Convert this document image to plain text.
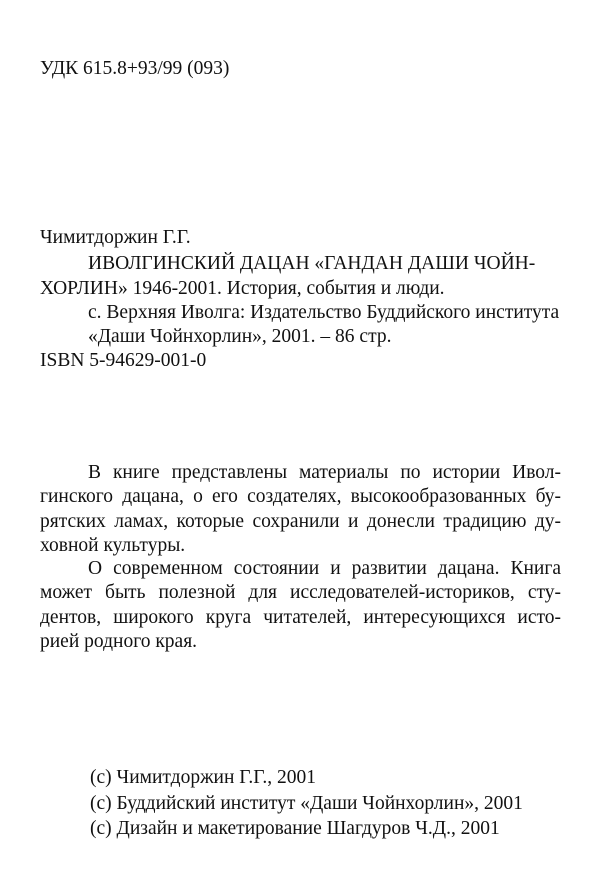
УДК 615.8+93/99 (093)
Чимитдоржин Г.Г.
ИВОЛГИНСКИЙ ДАЦАН «ГАНДАН ДАШИ ЧОЙН-
ХОРЛИН» 1946-2001. История, события и люди.
с. Верхняя Иволга: Издательство Буддийского института
«Даши Чойнхорлин», 2001. – 86 стр.
ISBN 5-94629-001-0
В книге представлены материалы по истории Ивол-
гинского дацана, о его создателях, высокообразованных бу-
рятских ламах, которые сохранили и донесли традицию ду-
ховной культуры.
О современном состоянии и развитии дацана. Книга
может быть полезной для исследователей-историков, сту-
дентов, широкого круга читателей, интересующихся исто-
рией родного края.
(с) Чимитдоржин Г.Г., 2001
(с) Буддийский институт «Даши Чойнхорлин», 2001
(с) Дизайн и макетирование Шагдуров Ч.Д., 2001
